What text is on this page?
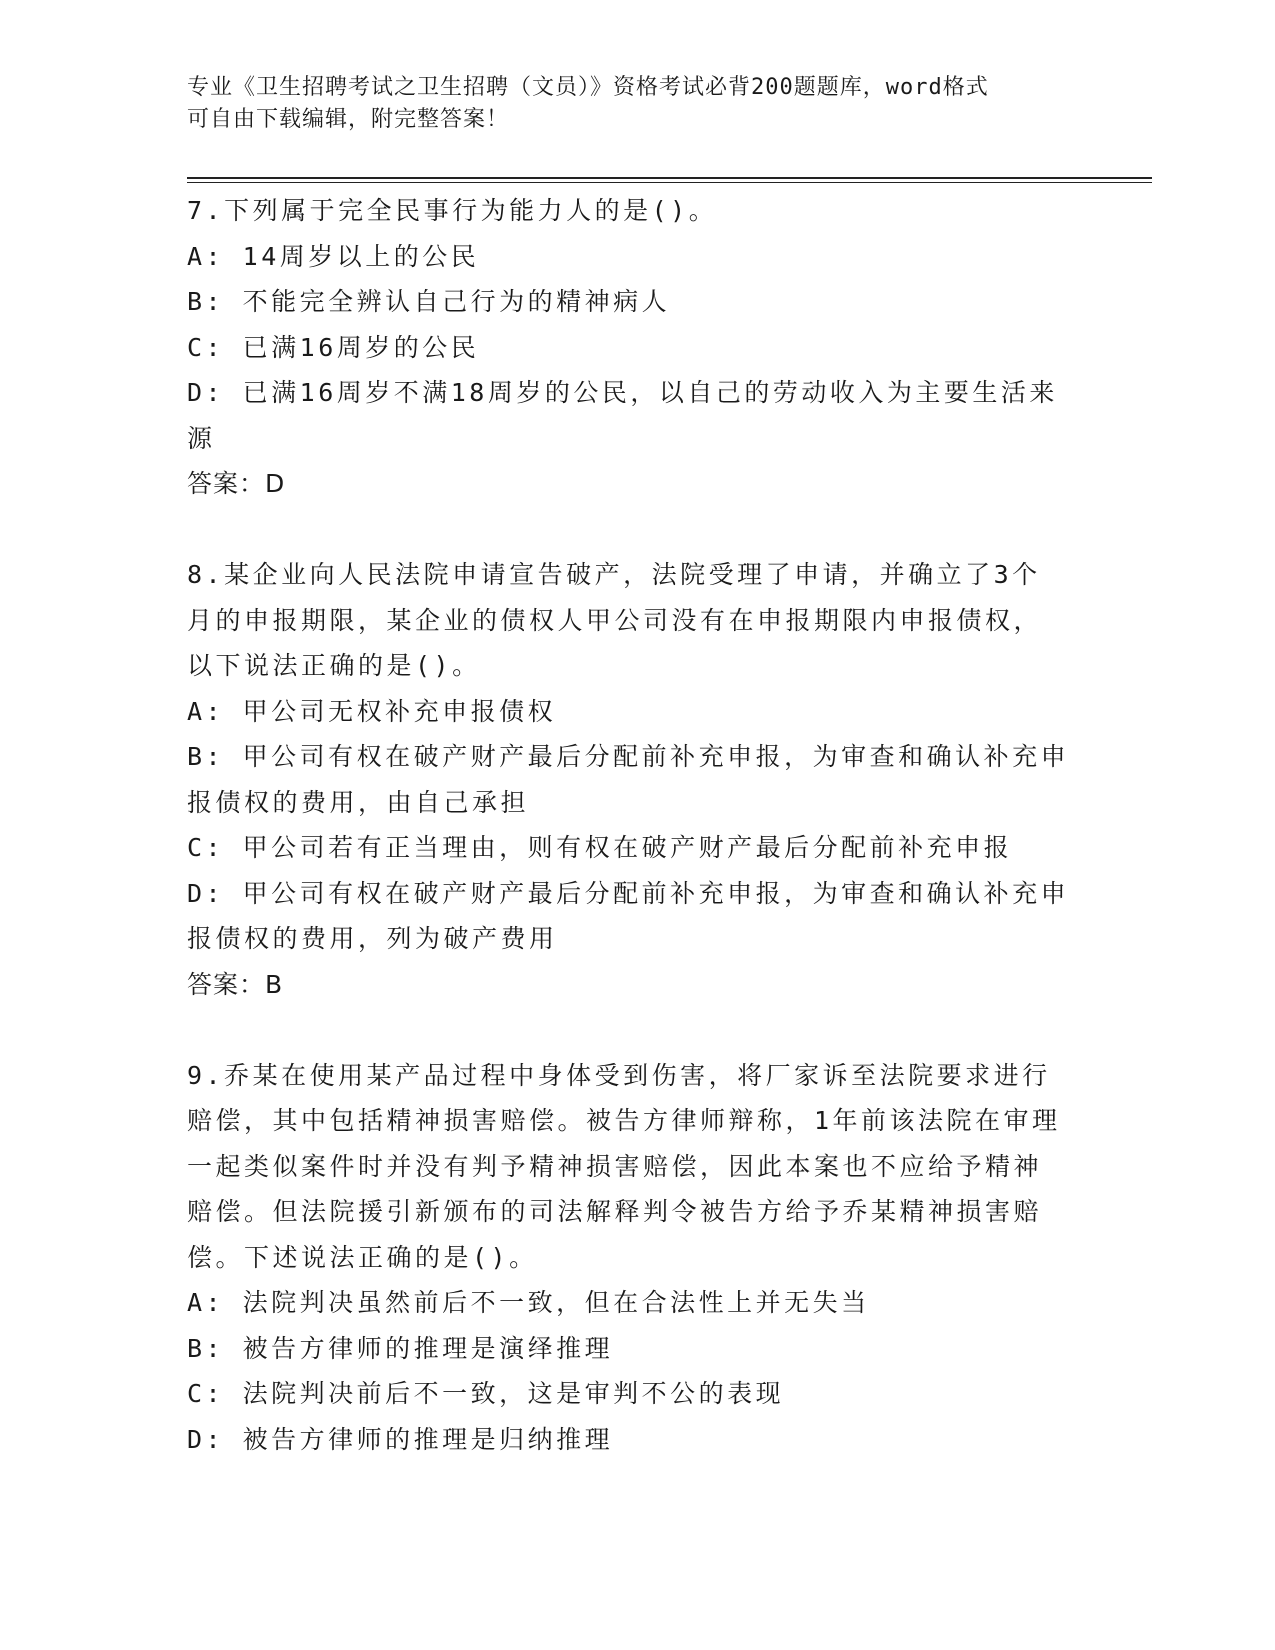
专业《卫生招聘考试之卫生招聘（文员）》资格考试必背200题题库，word格式
可自由下载编辑，附完整答案！
7.下列属于完全民事行为能力人的是()。
A: 14周岁以上的公民
B: 不能完全辨认自己行为的精神病人
C: 已满16周岁的公民
D: 已满16周岁不满18周岁的公民，以自己的劳动收入为主要生活来
源
答案：D
8.某企业向人民法院申请宣告破产，法院受理了申请，并确立了3个
月的申报期限，某企业的债权人甲公司没有在申报期限内申报债权，
以下说法正确的是()。
A: 甲公司无权补充申报债权
B: 甲公司有权在破产财产最后分配前补充申报，为审查和确认补充申
报债权的费用，由自己承担
C: 甲公司若有正当理由，则有权在破产财产最后分配前补充申报
D: 甲公司有权在破产财产最后分配前补充申报，为审查和确认补充申
报债权的费用，列为破产费用
答案：B
9.乔某在使用某产品过程中身体受到伤害，将厂家诉至法院要求进行
赔偿，其中包括精神损害赔偿。被告方律师辩称，1年前该法院在审理
一起类似案件时并没有判予精神损害赔偿，因此本案也不应给予精神
赔偿。但法院援引新颁布的司法解释判令被告方给予乔某精神损害赔
偿。下述说法正确的是()。
A: 法院判决虽然前后不一致，但在合法性上并无失当
B: 被告方律师的推理是演绎推理
C: 法院判决前后不一致，这是审判不公的表现
D: 被告方律师的推理是归纳推理
